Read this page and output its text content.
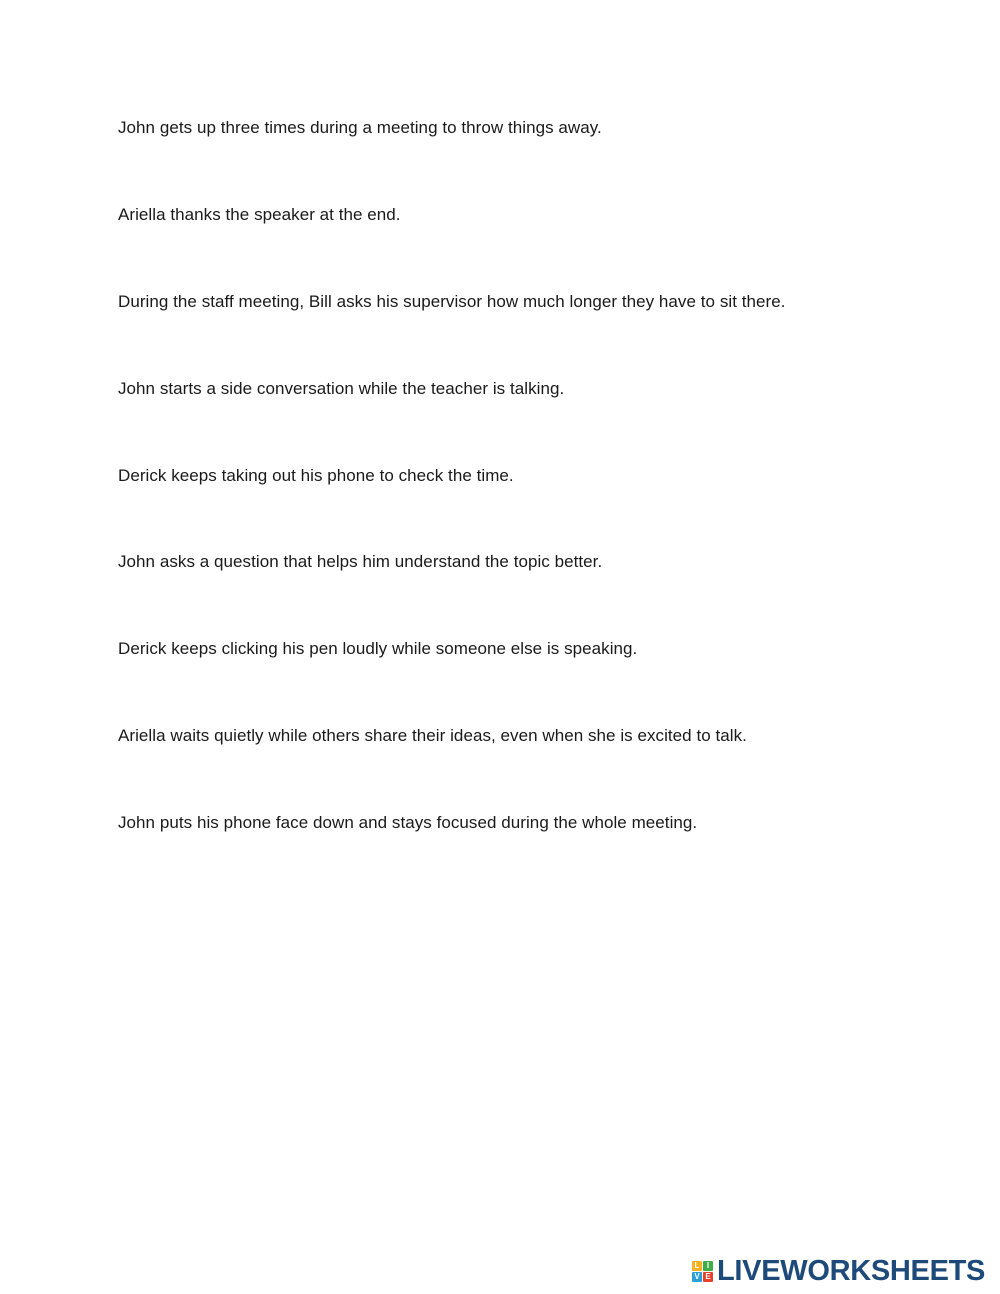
John gets up three times during a meeting to throw things away.
Ariella thanks the speaker at the end.
During the staff meeting, Bill asks his supervisor how much longer they have to sit there.
John starts a side conversation while the teacher is talking.
Derick keeps taking out his phone to check the time.
John asks a question that helps him understand the topic better.
Derick keeps clicking his pen loudly while someone else is speaking.
Ariella waits quietly while others share their ideas, even when she is excited to talk.
John puts his phone face down and stays focused during the whole meeting.
L I
V E LIVEWORKSHEETS
